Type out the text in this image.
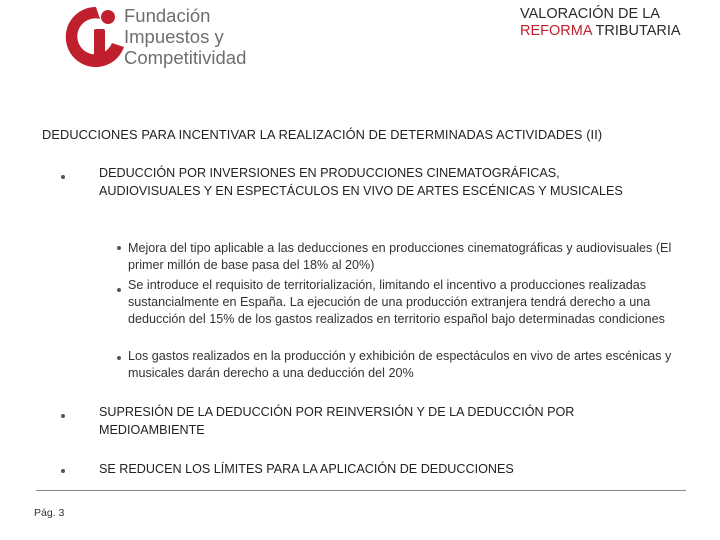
Fundación
Impuestos y
Competitividad
VALORACIÓN DE LA REFORMA TRIBUTARIA
DEDUCCIONES PARA INCENTIVAR LA REALIZACIÓN DE DETERMINADAS ACTIVIDADES (II)
DEDUCCIÓN POR INVERSIONES EN PRODUCCIONES CINEMATOGRÁFICAS, AUDIOVISUALES Y EN ESPECTÁCULOS EN VIVO DE ARTES ESCÉNICAS Y MUSICALES
Mejora del tipo aplicable a las deducciones en producciones cinematográficas y audiovisuales (El primer millón de base pasa del 18% al 20%)
Se introduce el requisito de territorialización, limitando el incentivo a producciones realizadas sustancialmente en España. La ejecución de una producción extranjera tendrá derecho a una deducción del 15% de los gastos realizados en territorio español bajo determinadas condiciones
Los gastos realizados en la producción y exhibición de espectáculos en vivo de artes escénicas y musicales darán derecho a una deducción del 20%
SUPRESIÓN DE LA DEDUCCIÓN POR REINVERSIÓN Y DE LA DEDUCCIÓN POR MEDIOAMBIENTE
SE REDUCEN LOS LÍMITES PARA LA APLICACIÓN DE DEDUCCIONES
Pág. 3
